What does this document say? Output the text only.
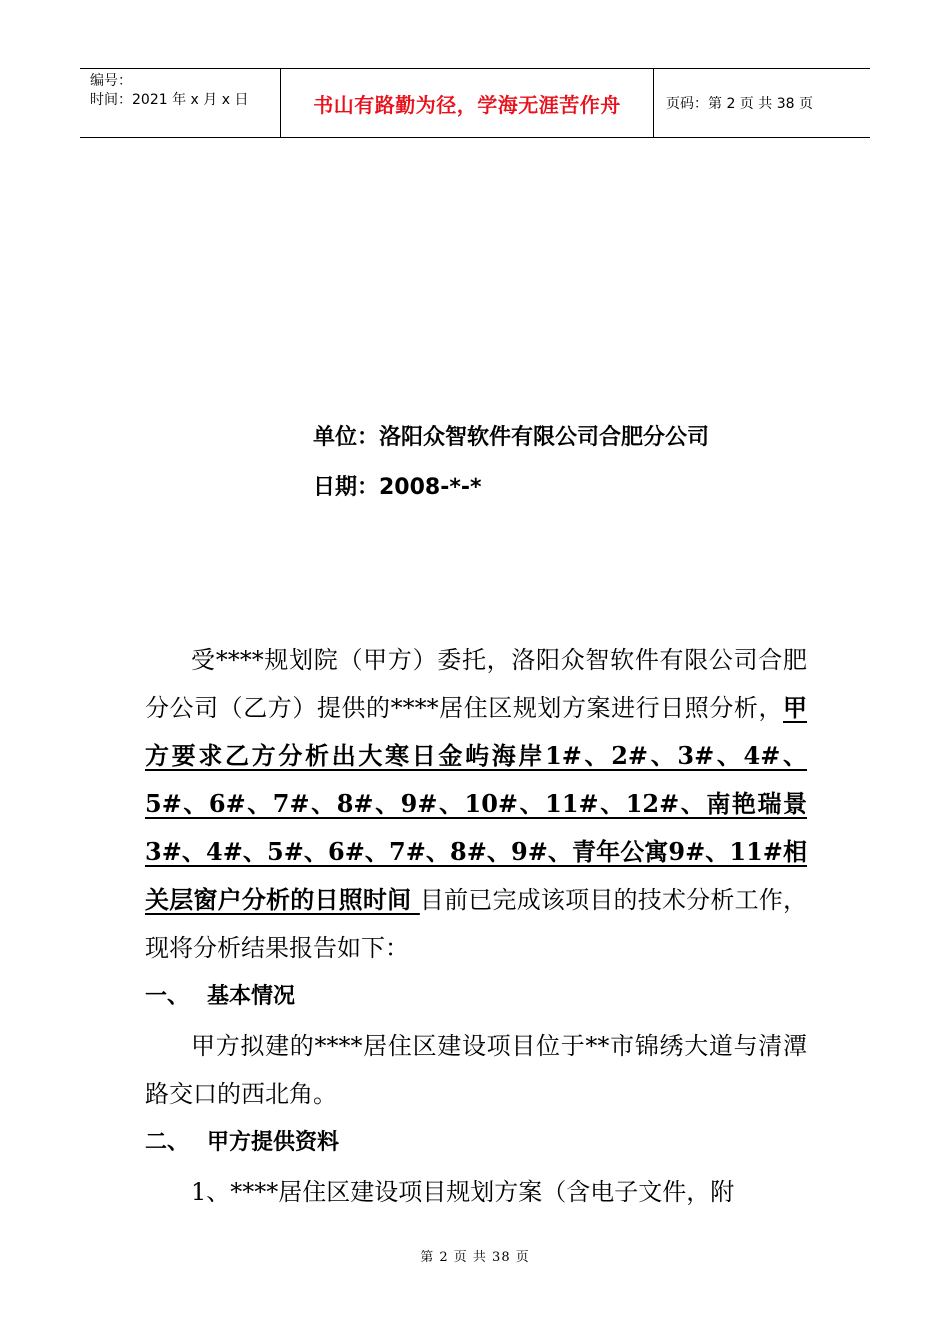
编号：
时间：2021 年 x 月 x 日	书山有路勤为径，学海无涯苦作舟	页码：第 2 页 共 38 页
单位：洛阳众智软件有限公司合肥分公司
日期：2008-*-*

受****规划院（甲方）委托，洛阳众智软件有限公司合肥分公司（乙方）提供的****居住区规划方案进行日照分析，甲方要求乙方分析出大寒日金屿海岸1#、2#、3#、4#、5#、6#、7#、8#、9#、10#、11#、12#、南艳瑞景3#、4#、5#、6#、7#、8#、9#、青年公寓9#、11#相关层窗户分析的日照时间 目前已完成该项目的技术分析工作，现将分析结果报告如下：

一、 基本情况

甲方拟建的****居住区建设项目位于**市锦绣大道与清潭路交口的西北角。

二、 甲方提供资料

1、****居住区建设项目规划方案（含电子文件，附

第 2 页 共 38 页
